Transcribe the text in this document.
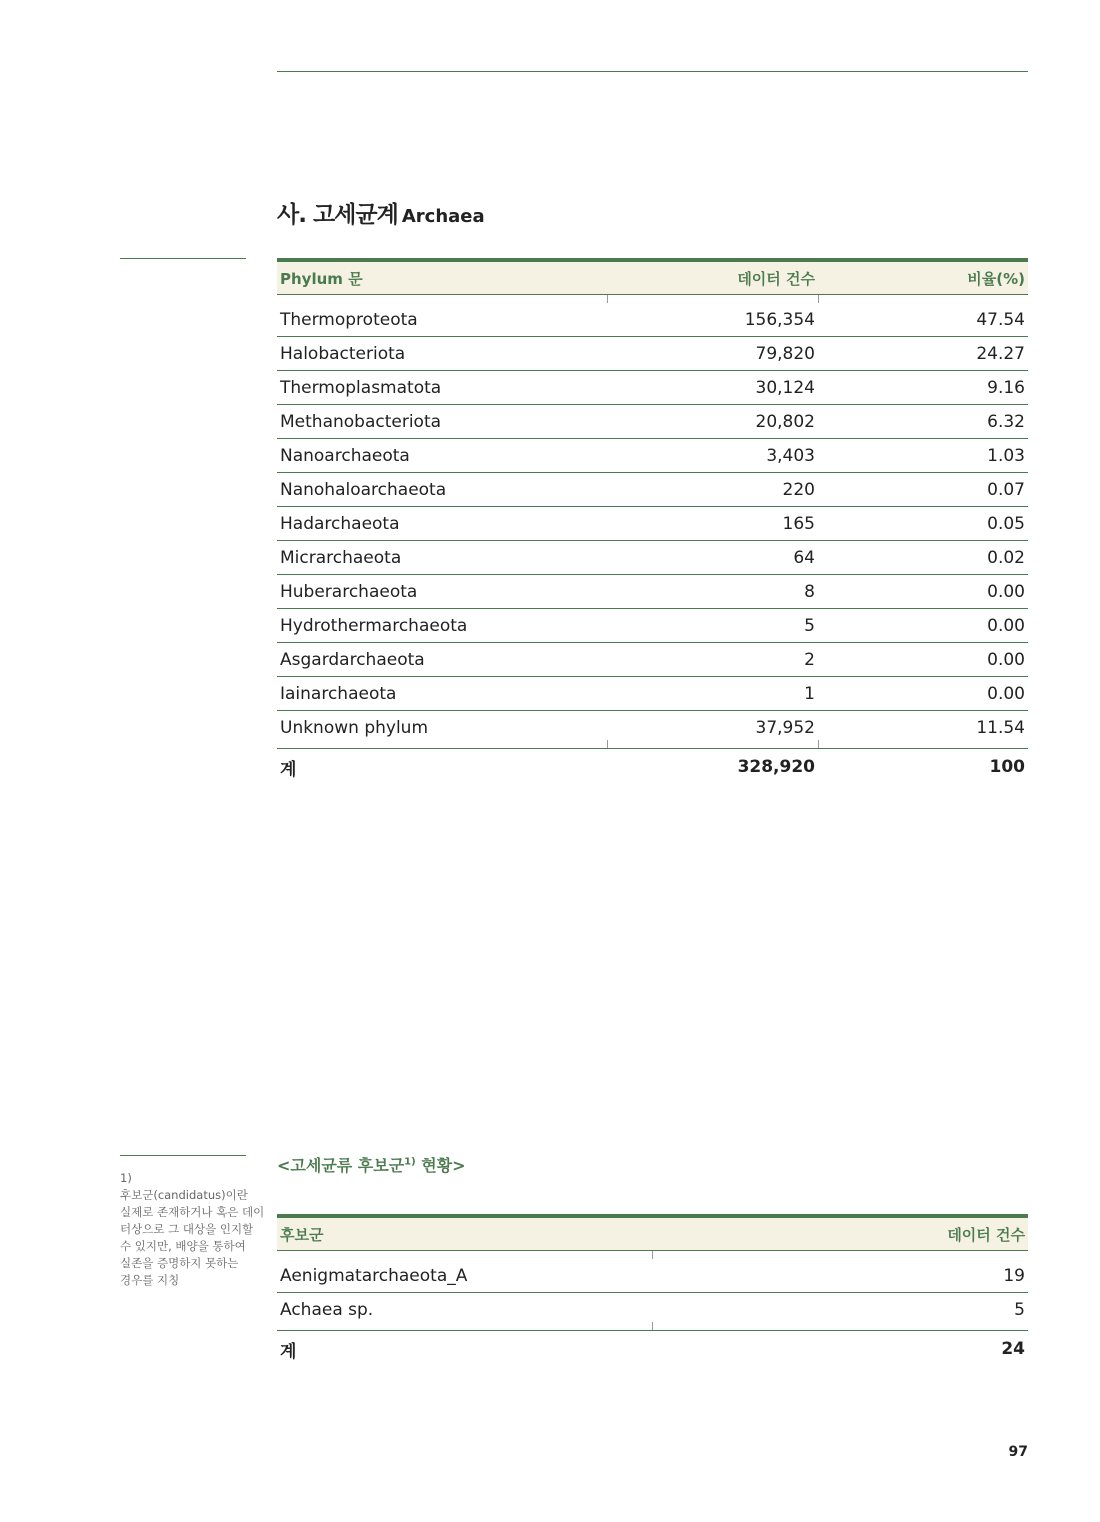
사. 고세균계 Archaea
Phylum 문	데이터 건수	비율(%)
Thermoproteota	156,354	47.54
Halobacteriota	79,820	24.27
Thermoplasmatota	30,124	9.16
Methanobacteriota	20,802	6.32
Nanoarchaeota	3,403	1.03
Nanohaloarchaeota	220	0.07
Hadarchaeota	165	0.05
Micrarchaeota	64	0.02
Huberarchaeota	8	0.00
Hydrothermarchaeota	5	0.00
Asgardarchaeota	2	0.00
Iainarchaeota	1	0.00
Unknown phylum	37,952	11.54
계	328,920	100
<고세균류 후보군$^{1)}$ 현황>
1)
후보군(candidatus)이란
실제로 존재하거나 혹은 데이
터상으로 그 대상을 인지할
수 있지만, 배양을 통하여
실존을 증명하지 못하는
경우를 지칭
후보군	데이터 건수
Aenigmatarchaeota_A	19
Achaea sp.	5
계	24
97
